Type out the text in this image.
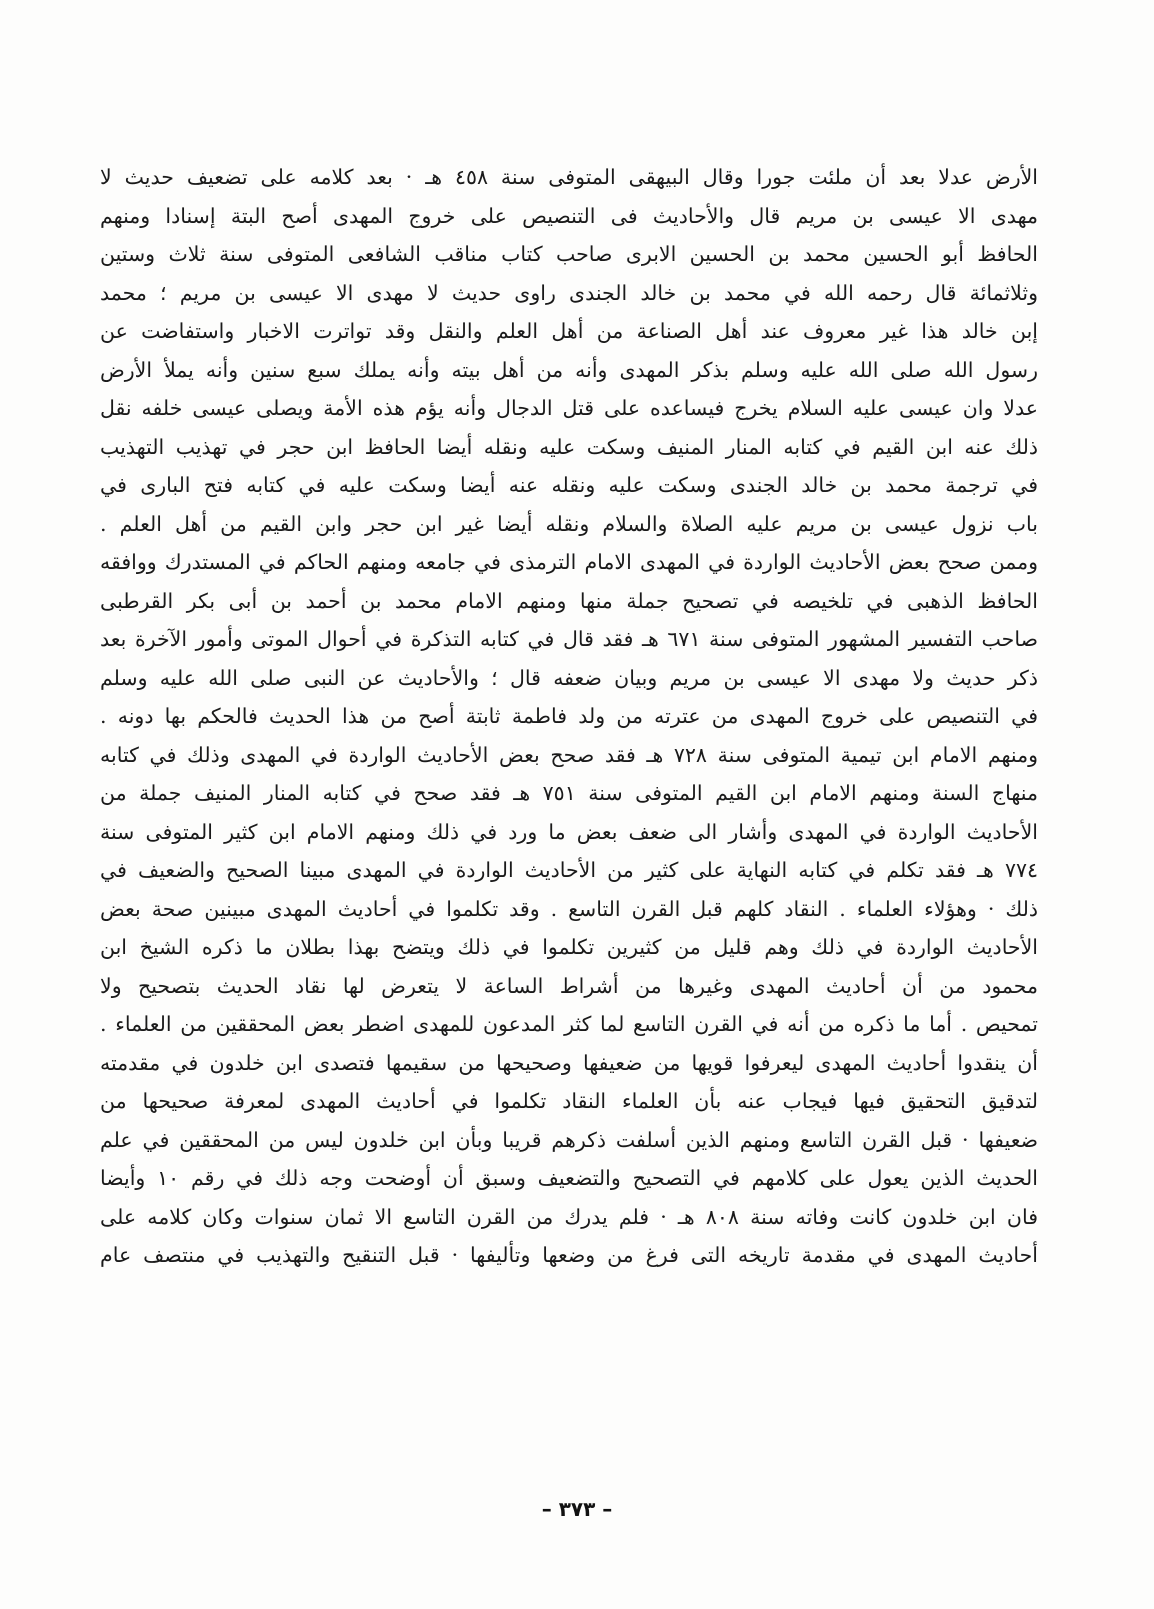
الأرض عدلا بعد أن ملئت جورا وقال البيهقى المتوفى سنة ٤٥٨ هـ · بعد كلامه على تضعيف حديث لا
مهدى الا عيسى بن مريم قال والأحاديث فى التنصيص على خروج المهدى أصح البتة إسنادا ومنهم
الحافظ أبو الحسين محمد بن الحسين الابرى صاحب كتاب مناقب الشافعى المتوفى سنة ثلاث وستين
وثلاثمائة قال رحمه الله في محمد بن خالد الجندى راوى حديث لا مهدى الا عيسى بن مريم ؛ محمد
إبن خالد هذا غير معروف عند أهل الصناعة من أهل العلم والنقل وقد تواترت الاخبار واستفاضت عن
رسول الله صلى الله عليه وسلم بذكر المهدى وأنه من أهل بيته وأنه يملك سبع سنين وأنه يملأ الأرض
عدلا وان عيسى عليه السلام يخرج فيساعده على قتل الدجال وأنه يؤم هذه الأمة ويصلى عيسى خلفه نقل
ذلك عنه ابن القيم في كتابه المنار المنيف وسكت عليه ونقله أيضا الحافظ ابن حجر في تهذيب التهذيب
في ترجمة محمد بن خالد الجندى وسكت عليه ونقله عنه أيضا وسكت عليه في كتابه فتح البارى في
باب نزول عيسى بن مريم عليه الصلاة والسلام ونقله أيضا غير ابن حجر وابن القيم من أهل العلم .
وممن صحح بعض الأحاديث الواردة في المهدى الامام الترمذى في جامعه ومنهم الحاكم في المستدرك ووافقه
الحافظ الذهبى في تلخيصه في تصحيح جملة منها ومنهم الامام محمد بن أحمد بن أبى بكر القرطبى
صاحب التفسير المشهور المتوفى سنة ٦٧١ هـ فقد قال في كتابه التذكرة في أحوال الموتى وأمور الآخرة بعد
ذكر حديث ولا مهدى الا عيسى بن مريم وبيان ضعفه قال ؛ والأحاديث عن النبى صلى الله عليه وسلم
في التنصيص على خروج المهدى من عترته من ولد فاطمة ثابتة أصح من هذا الحديث فالحكم بها دونه .
ومنهم الامام ابن تيمية المتوفى سنة ٧٢٨ هـ فقد صحح بعض الأحاديث الواردة في المهدى وذلك في كتابه
منهاج السنة ومنهم الامام ابن القيم المتوفى سنة ٧٥١ هـ فقد صحح في كتابه المنار المنيف جملة من
الأحاديث الواردة في المهدى وأشار الى ضعف بعض ما ورد في ذلك ومنهم الامام ابن كثير المتوفى سنة
٧٧٤ هـ فقد تكلم في كتابه النهاية على كثير من الأحاديث الواردة في المهدى مبينا الصحيح والضعيف في
ذلك · وهؤلاء العلماء . النقاد كلهم قبل القرن التاسع . وقد تكلموا في أحاديث المهدى مبينين صحة بعض
الأحاديث الواردة في ذلك وهم قليل من كثيرين تكلموا في ذلك ويتضح بهذا بطلان ما ذكره الشيخ ابن
محمود من أن أحاديث المهدى وغيرها من أشراط الساعة لا يتعرض لها نقاد الحديث بتصحيح ولا
تمحيص . أما ما ذكره من أنه في القرن التاسع لما كثر المدعون للمهدى اضطر بعض المحققين من العلماء .
أن ينقدوا أحاديث المهدى ليعرفوا قويها من ضعيفها وصحيحها من سقيمها فتصدى ابن خلدون في مقدمته
لتدقيق التحقيق فيها فيجاب عنه بأن العلماء النقاد تكلموا في أحاديث المهدى لمعرفة صحيحها من
ضعيفها · قبل القرن التاسع ومنهم الذين أسلفت ذكرهم قريبا وبأن ابن خلدون ليس من المحققين في علم
الحديث الذين يعول على كلامهم في التصحيح والتضعيف وسبق أن أوضحت وجه ذلك في رقم ١٠ وأيضا
فان ابن خلدون كانت وفاته سنة ٨٠٨ هـ · فلم يدرك من القرن التاسع الا ثمان سنوات وكان كلامه على
أحاديث المهدى في مقدمة تاريخه التى فرغ من وضعها وتأليفها · قبل التنقيح والتهذيب في منتصف عام
– ٣٧٣ –
